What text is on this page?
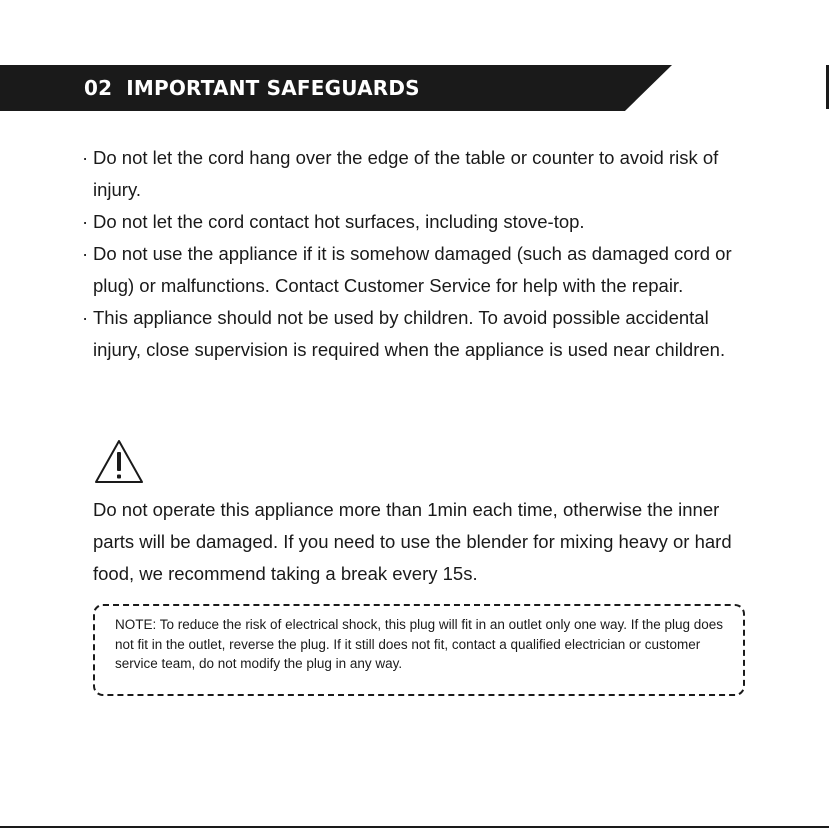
02 IMPORTANT SAFEGUARDS
· Do not let the cord hang over the edge of the table or counter to avoid risk of injury.
· Do not let the cord contact hot surfaces, including stove-top.
· Do not use the appliance if it is somehow damaged (such as damaged cord or plug) or malfunctions. Contact Customer Service for help with the repair.
· This appliance should not be used by children. To avoid possible accidental injury, close supervision is required when the appliance is used near children.

Do not operate this appliance more than 1min each time, otherwise the inner parts will be damaged. If you need to use the blender for mixing heavy or hard food, we recommend taking a break every 15s.

NOTE: To reduce the risk of electrical shock, this plug will fit in an outlet only one way. If the plug does not fit in the outlet, reverse the plug. If it still does not fit, contact a qualified electrician or customer service team, do not modify the plug in any way.
